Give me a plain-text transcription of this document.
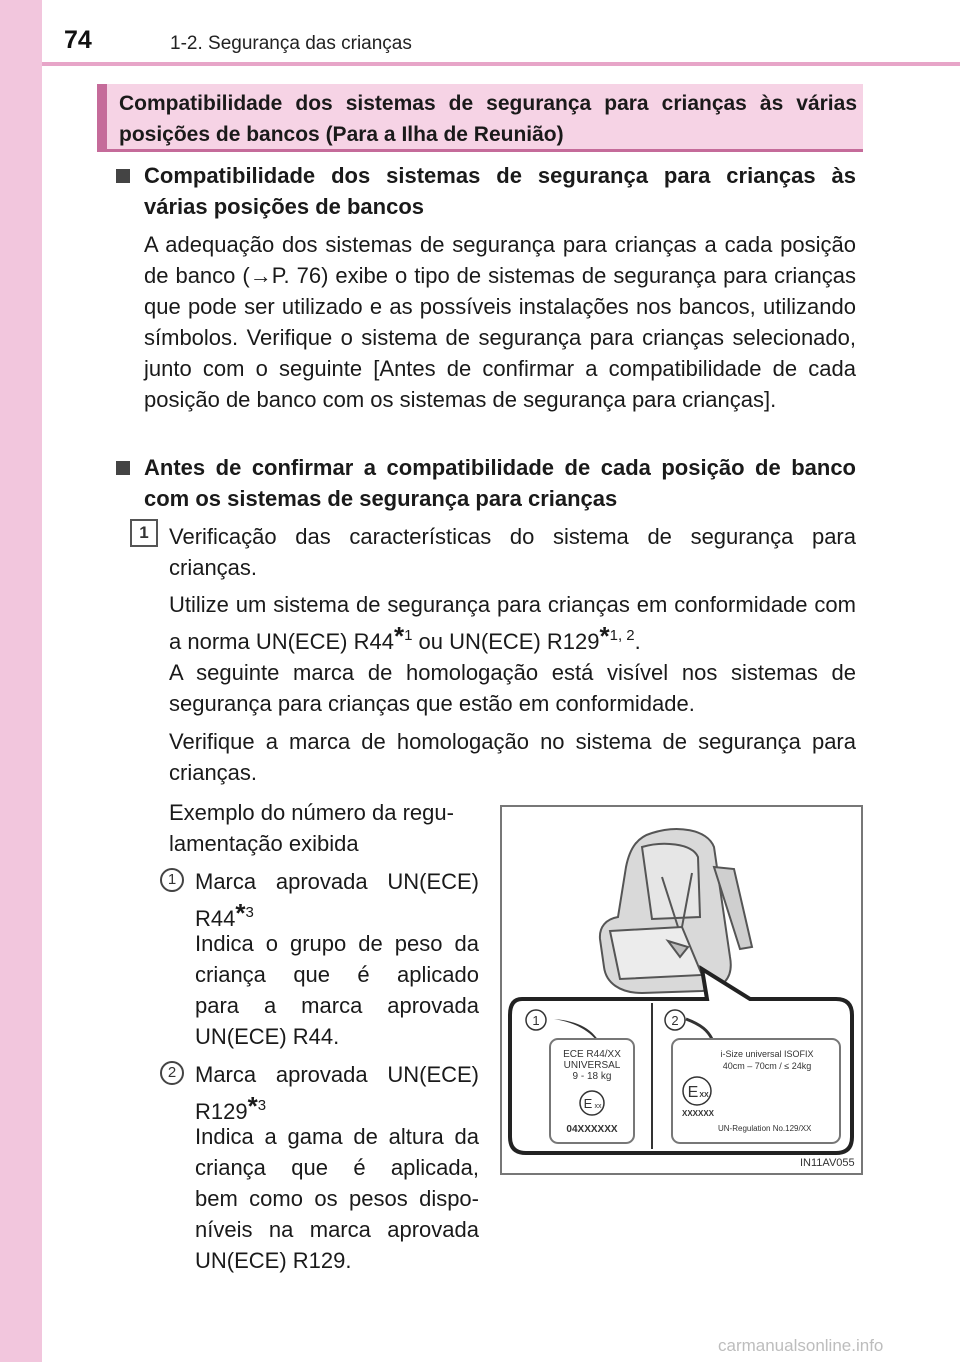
74	1-2. Segurança das crianças
Compatibilidade dos sistemas de segurança para crianças às várias posições de bancos (Para a Ilha de Reunião)
Compatibilidade dos sistemas de segurança para crianças às várias posições de bancos
A adequação dos sistemas de segurança para crianças a cada posição de banco (→P. 76) exibe o tipo de sistemas de segurança para crianças que pode ser utilizado e as possíveis instalações nos bancos, utilizando símbolos. Verifique o sistema de segurança para crianças selecionado, junto com o seguinte [Antes de confirmar a compatibilidade de cada posição de banco com os sistemas de segurança para crianças].
Antes de confirmar a compatibilidade de cada posição de banco com os sistemas de segurança para crianças
1 Verificação das características do sistema de segurança para crianças.
Utilize um sistema de segurança para crianças em conformidade com a norma UN(ECE) R44*$^1$ ou UN(ECE) R129*$^{1, 2}$.
A seguinte marca de homologação está visível nos sistemas de segurança para crianças que estão em conformidade.
Verifique a marca de homologação no sistema de segurança para crianças.
Exemplo do número da regu-
lamentação exibida
1 Marca aprovada UN(ECE)
R44*$^3$
Indica o grupo de peso da
criança que é aplicado
para a marca aprovada
UN(ECE) R44.
2 Marca aprovada UN(ECE)
R129*$^3$
Indica a gama de altura da
criança que é aplicada,
bem como os pesos dispo-
níveis na marca aprovada
UN(ECE) R129.
1	2
ECE R44/XX
UNIVERSAL
9 - 18 kg
E xx
04XXXXXX
i-Size universal ISOFIX
40cm – 70cm / ≤ 24kg
E XX
XXXXXX
UN-Regulation No.129/XX
IN11AV055
carmanualsonline.info
